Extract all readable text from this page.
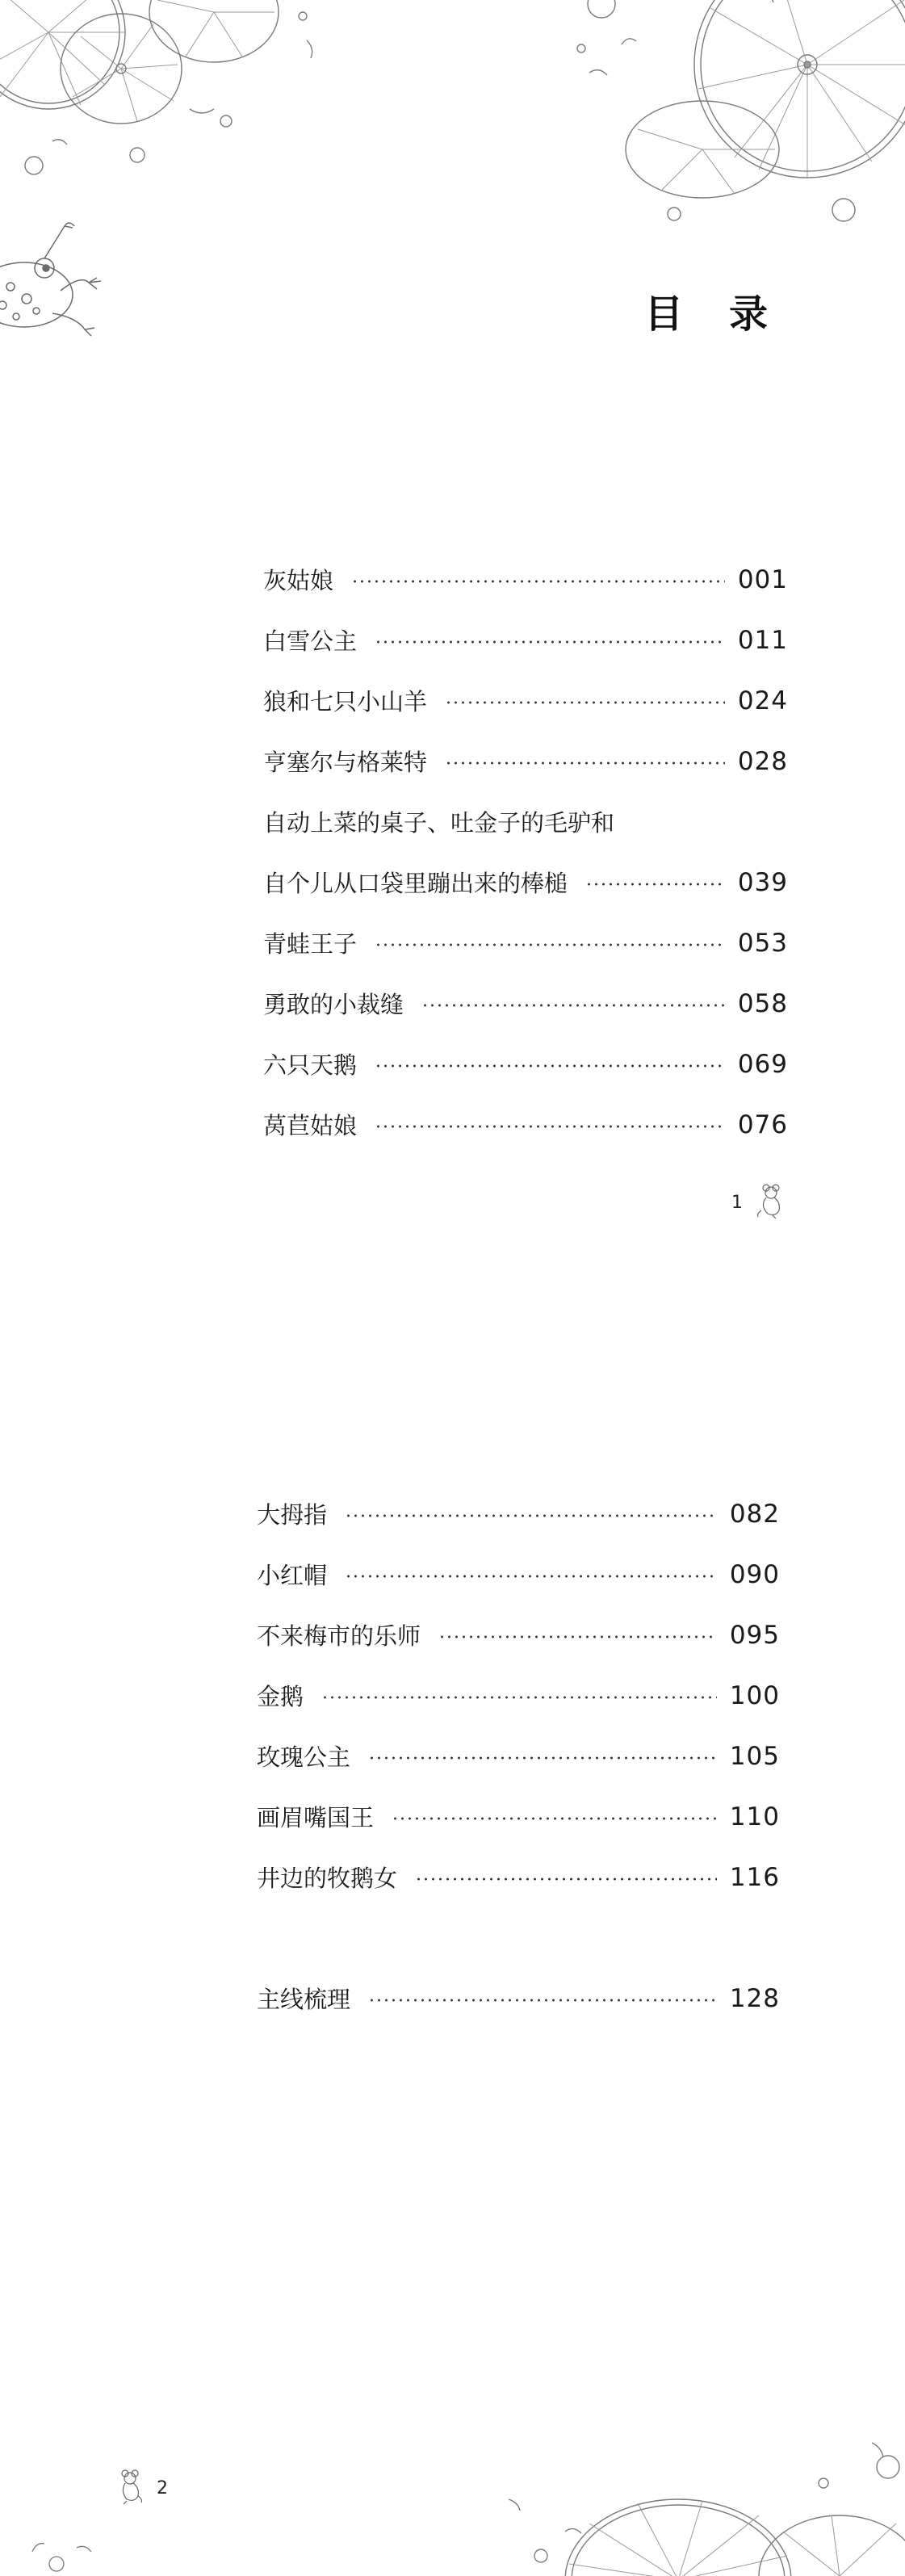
目 录
灰姑娘	001
白雪公主	011
狼和七只小山羊	024
亨塞尔与格莱特	028
自动上菜的桌子、吐金子的毛驴和
自个儿从口袋里蹦出来的棒槌	039
青蛙王子	053
勇敢的小裁缝	058
六只天鹅	069
莴苣姑娘	076
1
大拇指	082
小红帽	090
不来梅市的乐师	095
金鹅	100
玫瑰公主	105
画眉嘴国王	110
井边的牧鹅女	116
主线梳理	128
2
